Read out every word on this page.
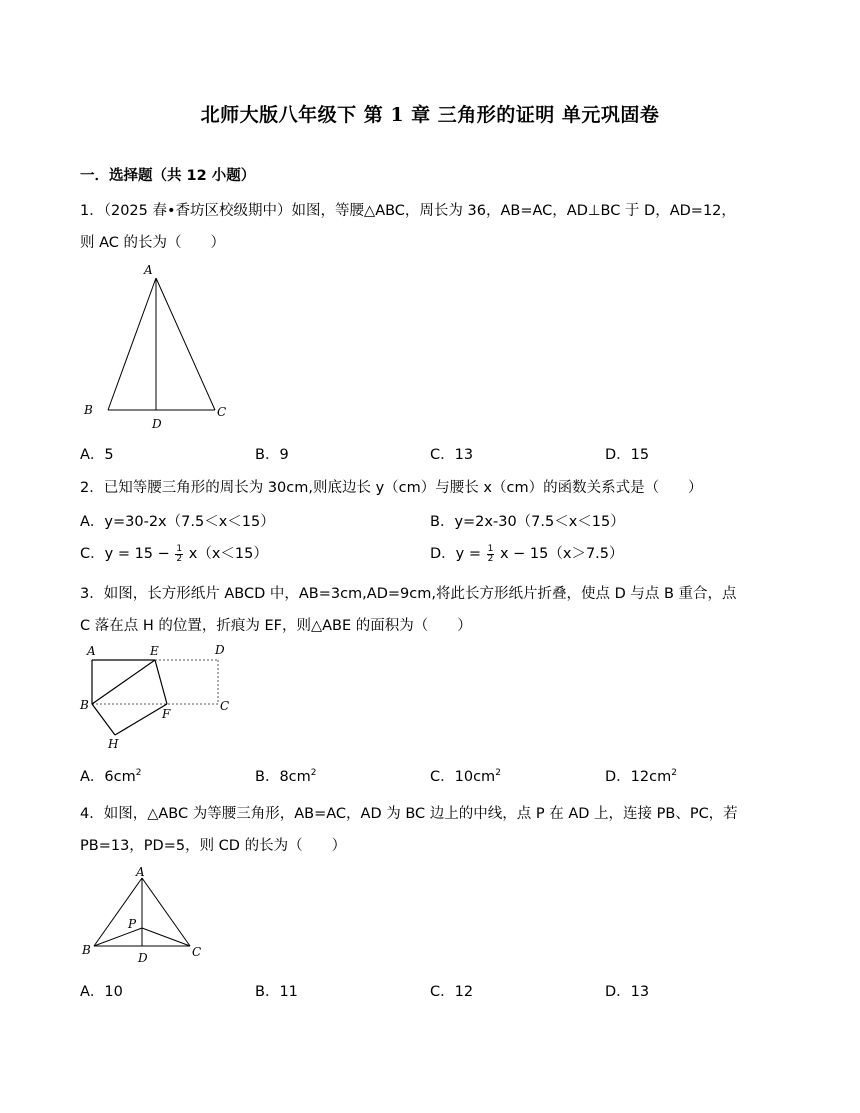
北师大版八年级下 第 1 章 三角形的证明 单元巩固卷
一．选择题（共 12 小题）
1．（2025 春•香坊区校级期中）如图，等腰△ABC，周长为 36，AB=AC，AD⊥BC 于 D，AD=12，
则 AC 的长为（　　）
A
B	C
D
A．5	B．9	C．13	D．15
2．已知等腰三角形的周长为 30cm,则底边长 y（cm）与腰长 x（cm）的函数关系式是（　　）
A．y=30-2x（7.5＜x＜15）	B．y=2x-30（7.5＜x＜15）
C．$y = 15 - \frac{1}{2} x(x<15)$	D．$y = \frac{1}{2}$ x − 15（x＞7.5）
3．如图，长方形纸片 ABCD 中，AB=3cm,AD=9cm,将此长方形纸片折叠，使点 D 与点 B 重合，点
C 落在点 H 的位置，折痕为 EF，则△ABE 的面积为（　　）
A	E	D
B
F
C
H
A．$6cm^2$	B．$8cm^2$	C．$10cm^2$	D．$12cm^2$
4．如图，△ABC 为等腰三角形，AB=AC，AD 为 BC 边上的中线，点 P 在 AD 上，连接 PB、PC，若
PB=13，PD=5，则 CD 的长为（　　）
A
P
B
D	C
A．10	B．11	C．12	D．13
